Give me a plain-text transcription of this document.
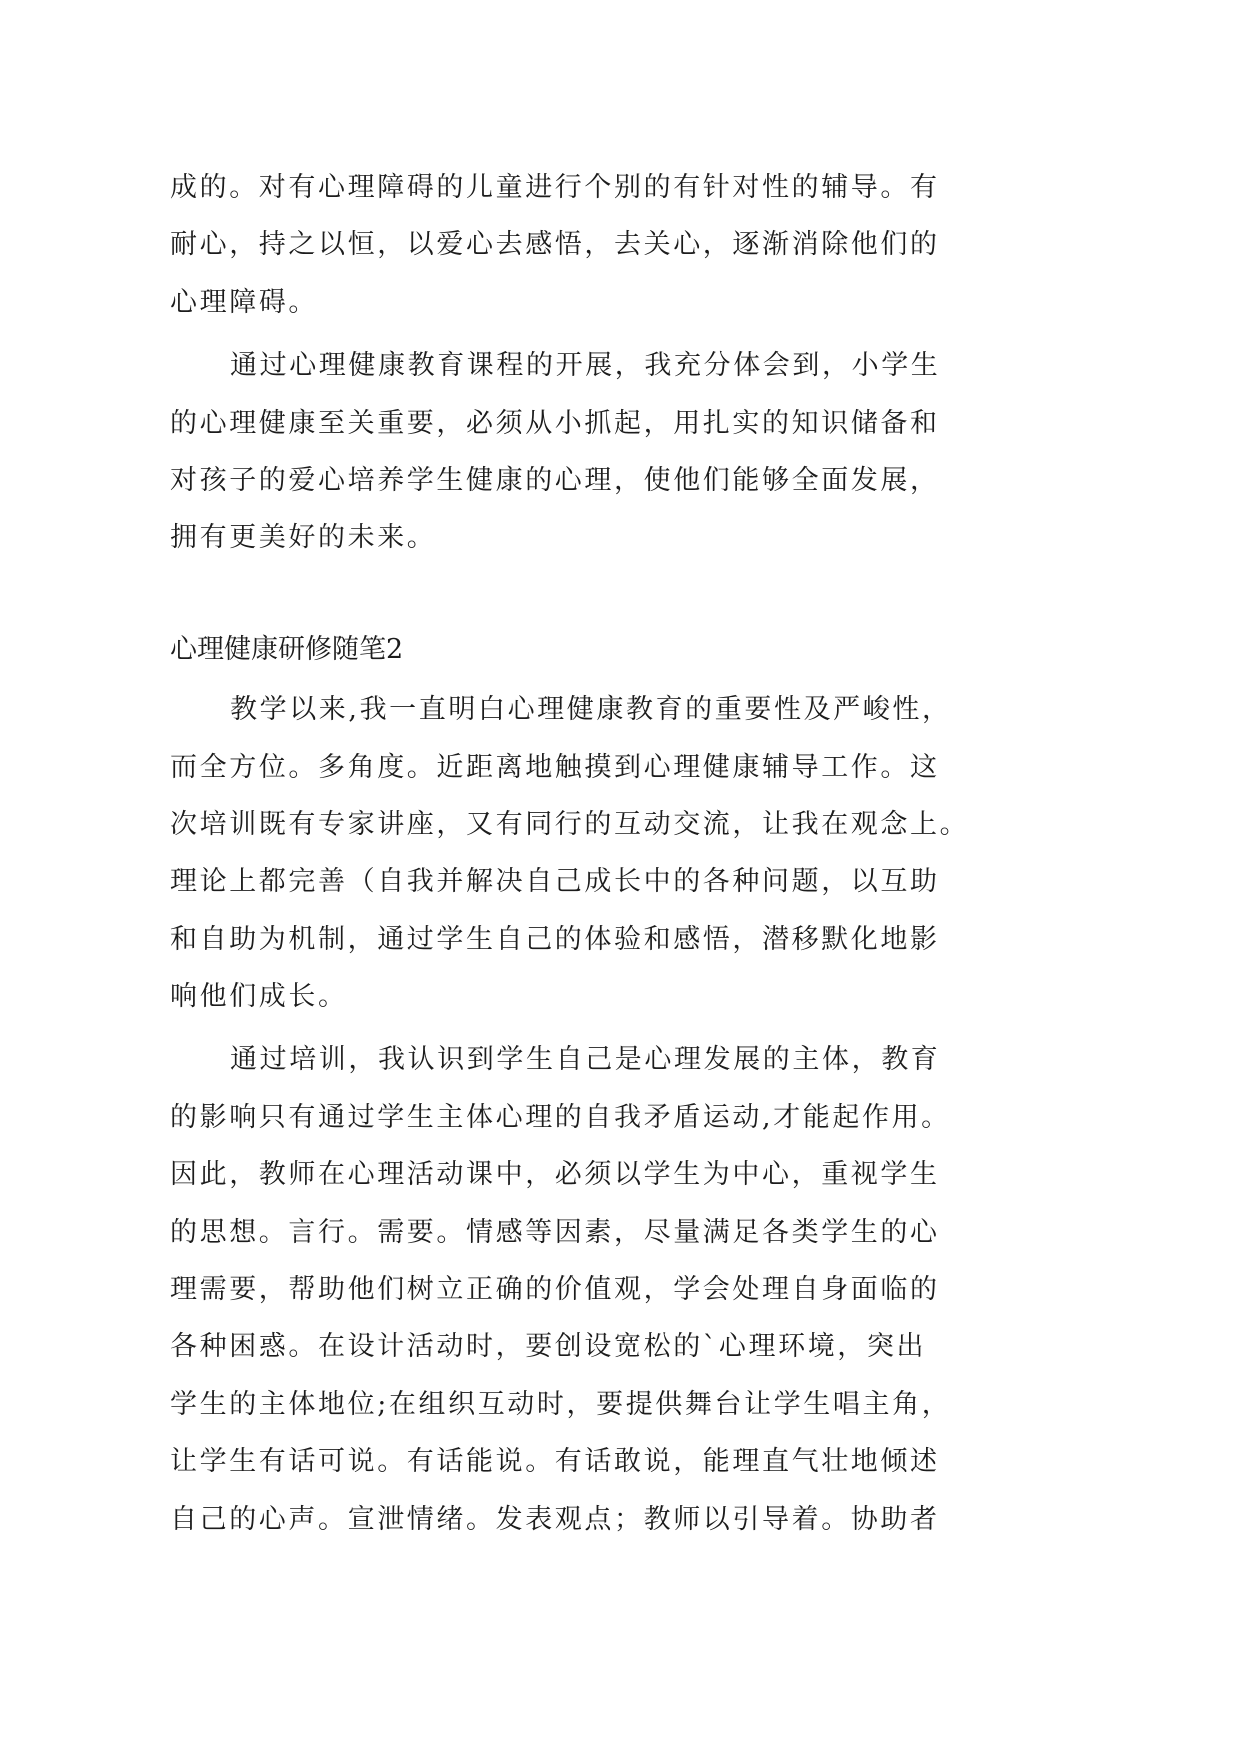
成的。对有心理障碍的儿童进行个别的有针对性的辅导。有
耐心，持之以恒，以爱心去感悟，去关心，逐渐消除他们的
心理障碍。
通过心理健康教育课程的开展，我充分体会到，小学生
的心理健康至关重要，必须从小抓起，用扎实的知识储备和
对孩子的爱心培养学生健康的心理，使他们能够全面发展，
拥有更美好的未来。
心理健康研修随笔2
教学以来,我一直明白心理健康教育的重要性及严峻性，
而全方位。多角度。近距离地触摸到心理健康辅导工作。这
次培训既有专家讲座，又有同行的互动交流，让我在观念上。
理论上都完善（自我并解决自己成长中的各种问题，以互助
和自助为机制，通过学生自己的体验和感悟，潜移默化地影
响他们成长。
通过培训，我认识到学生自己是心理发展的主体，教育
的影响只有通过学生主体心理的自我矛盾运动,才能起作用。
因此，教师在心理活动课中，必须以学生为中心，重视学生
的思想。言行。需要。情感等因素，尽量满足各类学生的心
理需要，帮助他们树立正确的价值观，学会处理自身面临的
各种困惑。在设计活动时，要创设宽松的`心理环境，突出
学生的主体地位;在组织互动时，要提供舞台让学生唱主角，
让学生有话可说。有话能说。有话敢说，能理直气壮地倾述
自己的心声。宣泄情绪。发表观点；教师以引导着。协助者
